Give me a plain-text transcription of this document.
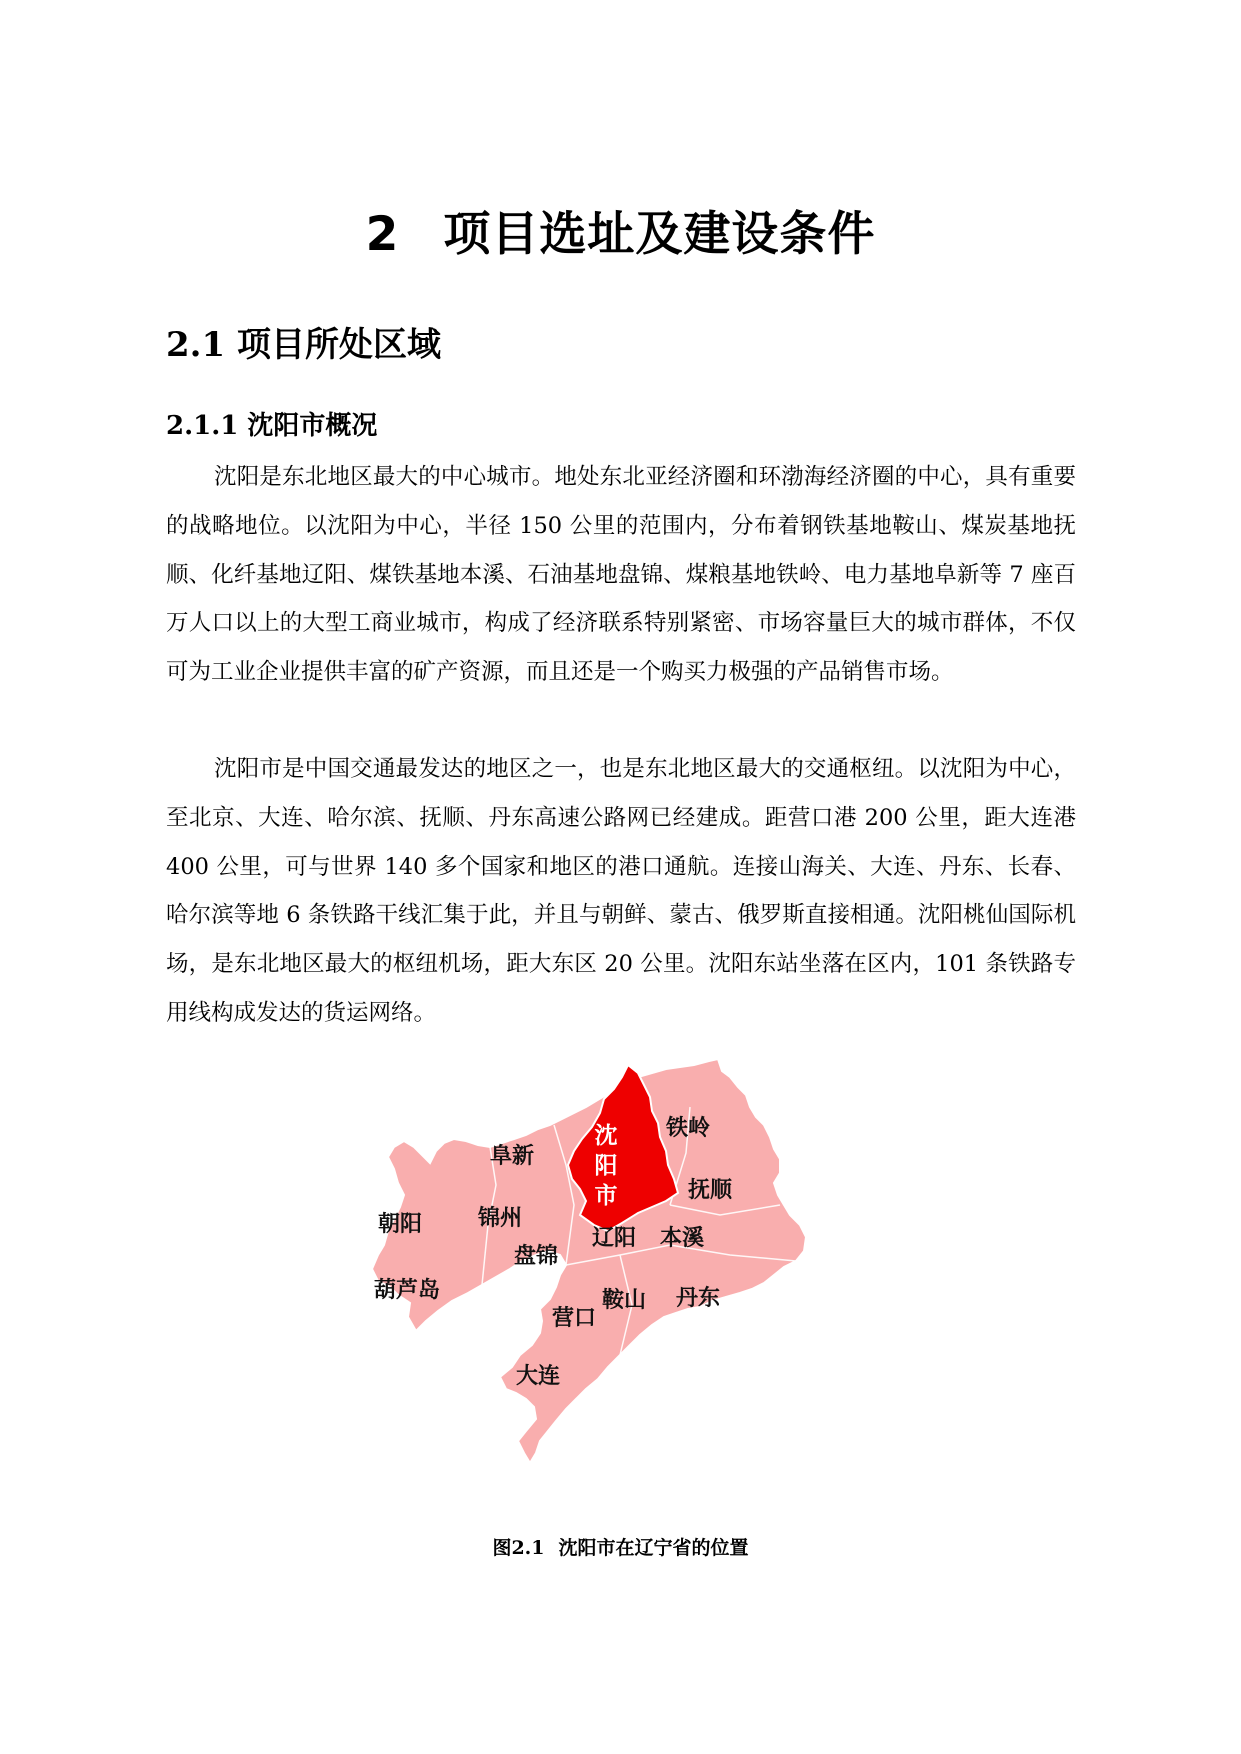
2 项目选址及建设条件
2.1 项目所处区域
2.1.1 沈阳市概况

沈阳是东北地区最大的中心城市。地处东北亚经济圈和环渤海经济圈的中心，具有重要的战略地位。以沈阳为中心，半径 150 公里的范围内，分布着钢铁基地鞍山、煤炭基地抚顺、化纤基地辽阳、煤铁基地本溪、石油基地盘锦、煤粮基地铁岭、电力基地阜新等 7 座百万人口以上的大型工商业城市，构成了经济联系特别紧密、市场容量巨大的城市群体，不仅可为工业企业提供丰富的矿产资源，而且还是一个购买力极强的产品销售市场。

沈阳市是中国交通最发达的地区之一，也是东北地区最大的交通枢纽。以沈阳为中心，至北京、大连、哈尔滨、抚顺、丹东高速公路网已经建成。距营口港 200 公里，距大连港 400 公里，可与世界 140 多个国家和地区的港口通航。连接山海关、大连、丹东、长春、哈尔滨等地 6 条铁路干线汇集于此，并且与朝鲜、蒙古、俄罗斯直接相通。沈阳桃仙国际机场，是东北地区最大的枢纽机场，距大东区 20 公里。沈阳东站坐落在区内，101 条铁路专用线构成发达的货运网络。

沈
阳
市
阜新
铁岭
抚顺
朝阳	锦州
辽阳 本溪
盘锦
葫芦岛	鞍山 丹东
营口
大连
图2.1 沈阳市在辽宁省的位置
